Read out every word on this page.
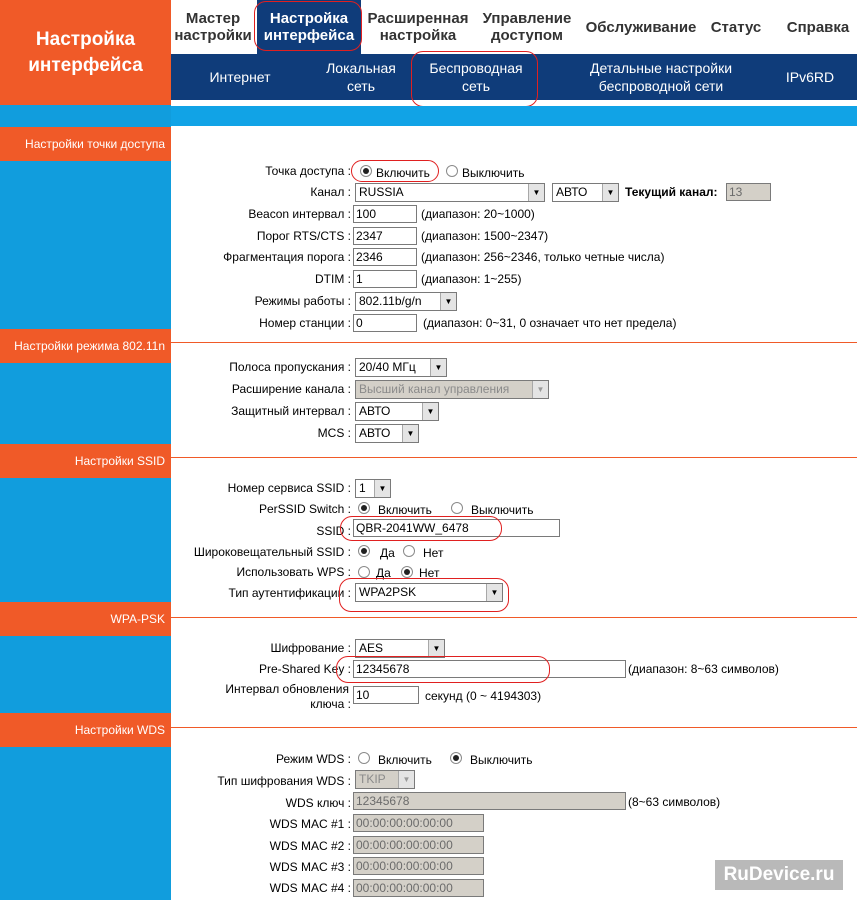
Настройка интерфейса
Мастер настройки
Настройка интерфейса
Расширенная настройка
Управление доступом	Обслуживание Статус	Справка
Интернет
Локальная сеть
Беспроводная сеть
Детальные настройки беспроводной сети
IPv6RD
Настройки точки доступа
Точка доступа : Включить	Выключить
Канал : RUSSIA	▼	АВТО	▼ Текущий канал: 13
Beacon интервал : 100	(диапазон: 20~1000)
Порог RTS/CTS : 2347	(диапазон: 1500~2347)
Фрагментация порога : 2346	(диапазон: 256~2346, только четные числа)
DTIM : 1	(диапазон: 1~255)
Режимы работы : 802.11b/g/n	▼
Номер станции : 0	(диапазон: 0~31, 0 означает что нет предела)
Настройки режима 802.11n
Полоса пропускания : 20/40 МГц	▼
Расширение канала : Высший канал управления	▼
Защитный интервал : АВТО	▼
MCS : АВТО	▼
Настройки SSID
Номер сервиса SSID : 1	▼
PerSSID Switch : Включить	Выключить
SSID : QBR-2041WW_6478
Широковещательный SSID : Да Нет
Использовать WPS : Да Нет
Тип аутентификации : WPA2PSK	▼
WPA-PSK
Шифрование : AES	▼
Pre-Shared Key : 12345678	(диапазон: 8~63 символов)
Интервал обновления
ключа :
10	секунд (0 ~ 4194303)
Настройки WDS
Режим WDS : Включить	Выключить
Тип шифрования WDS : TKIP	▼
WDS ключ : 12345678	(8~63 символов)
WDS MAC #1 : 00:00:00:00:00:00
WDS MAC #2 : 00:00:00:00:00:00
WDS MAC #3 : 00:00:00:00:00:00
WDS MAC #4 : 00:00:00:00:00:00
RuDevice.ru
